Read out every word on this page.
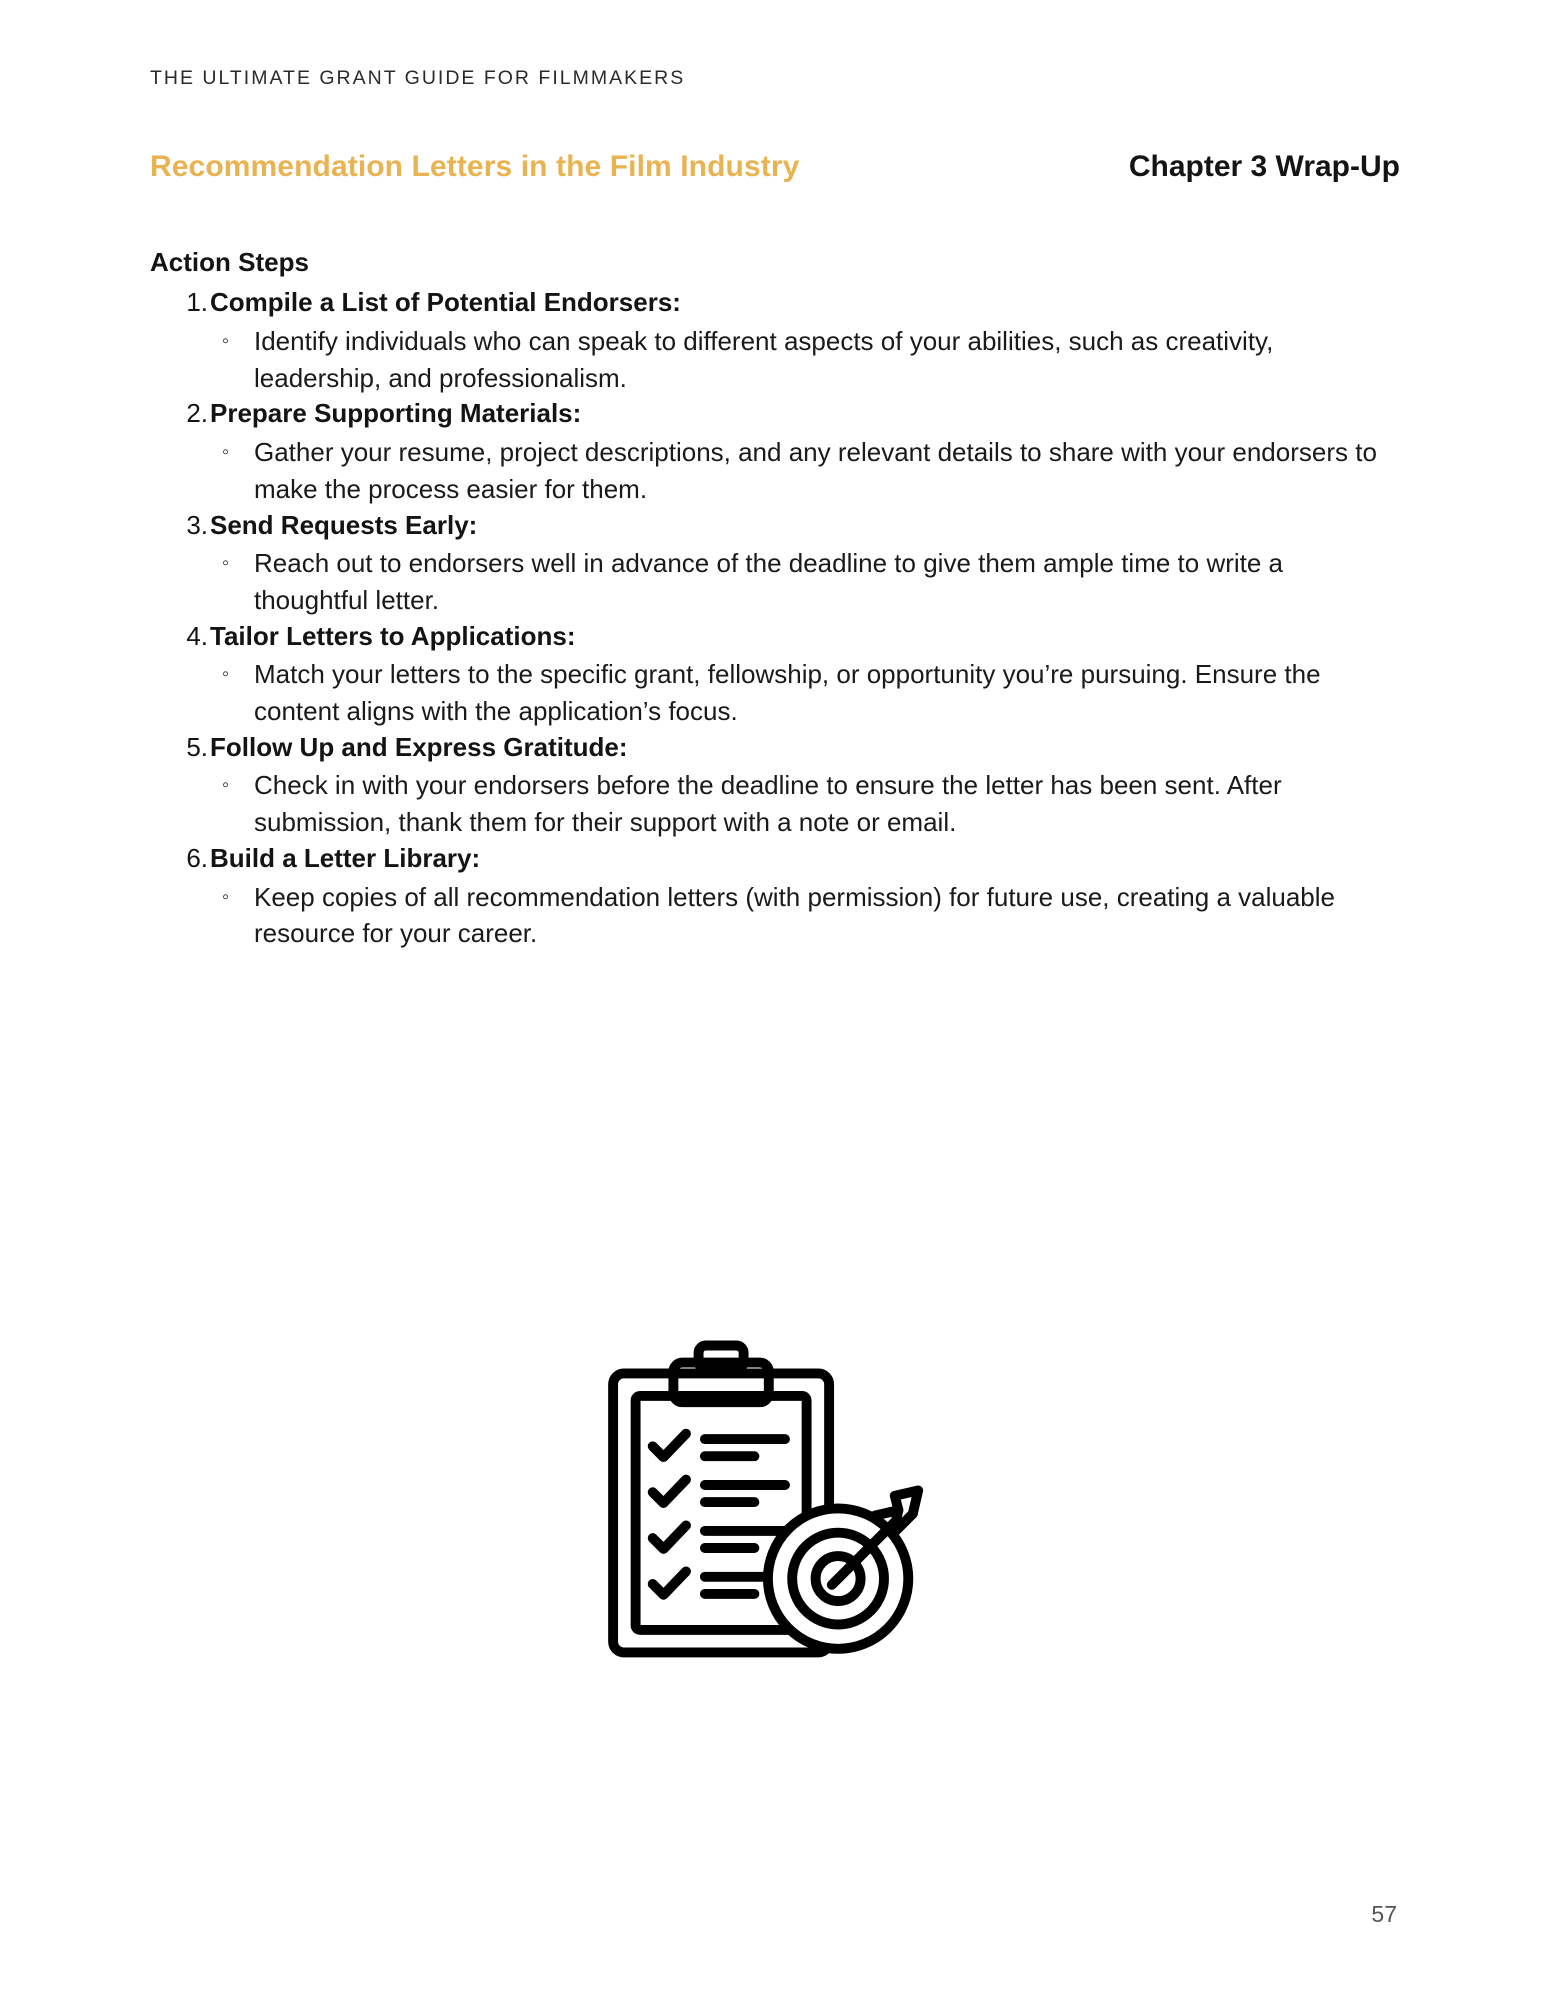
THE ULTIMATE GRANT GUIDE FOR FILMMAKERS
Recommendation Letters in the Film Industry	Chapter 3 Wrap-Up
Action Steps
1. Compile a List of Potential Endorsers:
◦ Identify individuals who can speak to different aspects of your abilities, such as creativity, leadership, and professionalism.
2. Prepare Supporting Materials:
◦ Gather your resume, project descriptions, and any relevant details to share with your endorsers to make the process easier for them.
3. Send Requests Early:
◦ Reach out to endorsers well in advance of the deadline to give them ample time to write a thoughtful letter.
4. Tailor Letters to Applications:
◦ Match your letters to the specific grant, fellowship, or opportunity you’re pursuing. Ensure the content aligns with the application’s focus.
5. Follow Up and Express Gratitude:
◦ Check in with your endorsers before the deadline to ensure the letter has been sent. After submission, thank them for their support with a note or email.
6. Build a Letter Library:
◦ Keep copies of all recommendation letters (with permission) for future use, creating a valuable resource for your career.
57
